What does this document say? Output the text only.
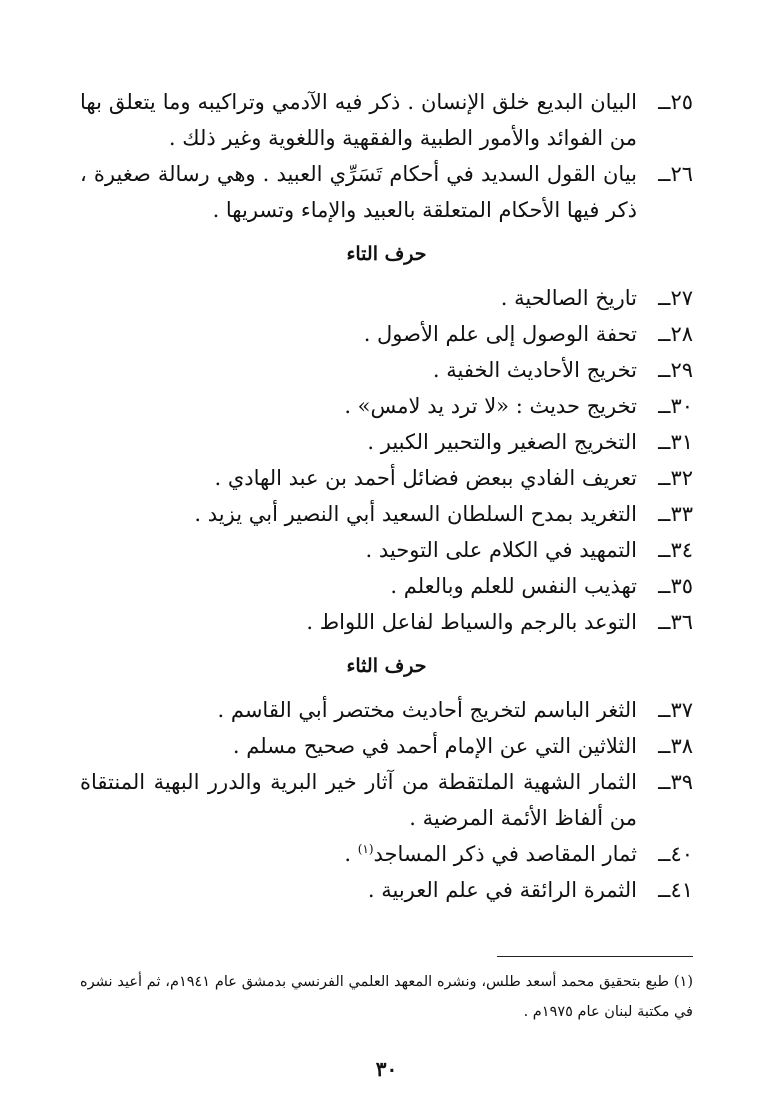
٢٥ــ
البيان البديع خلق الإنسان . ذكر فيه الآدمي وتراكيبه وما يتعلق بها من الفوائد والأمور الطبية والفقهية واللغوية وغير ذلك .
٢٦ــ
بيان القول السديد في أحكام تَسَرِّي العبيد . وهي رسالة صغيرة ، ذكر فيها الأحكام المتعلقة بالعبيد والإماء وتسريها .
حرف التاء
٢٧ــ
تاريخ الصالحية .
٢٨ــ
تحفة الوصول إلى علم الأصول .
٢٩ــ
تخريج الأحاديث الخفية .
٣٠ــ
تخريج حديث : «لا ترد يد لامس» .
٣١ــ
التخريج الصغير والتحبير الكبير .
٣٢ــ
تعريف الفادي ببعض فضائل أحمد بن عبد الهادي .
٣٣ــ
التغريد بمدح السلطان السعيد أبي النصير أبي يزيد .
٣٤ــ
التمهيد في الكلام على التوحيد .
٣٥ــ
تهذيب النفس للعلم وبالعلم .
٣٦ــ
التوعد بالرجم والسياط لفاعل اللواط .
حرف الثاء
٣٧ــ
الثغر الباسم لتخريج أحاديث مختصر أبي القاسم .
٣٨ــ
الثلاثين التي عن الإمام أحمد في صحيح مسلم .
٣٩ــ
الثمار الشهية الملتقطة من آثار خير البرية والدرر البهية المنتقاة من ألفاظ الأئمة المرضية .
٤٠ــ
ثمار المقاصد في ذكر المساجد$^{(١)}$ .
٤١ــ
الثمرة الرائقة في علم العربية .
(١) طبع بتحقيق محمد أسعد طلس، ونشره المعهد العلمي الفرنسي بدمشق عام ١٩٤١م، ثم أعيد نشره في مكتبة لبنان عام ١٩٧٥م .
٣٠
